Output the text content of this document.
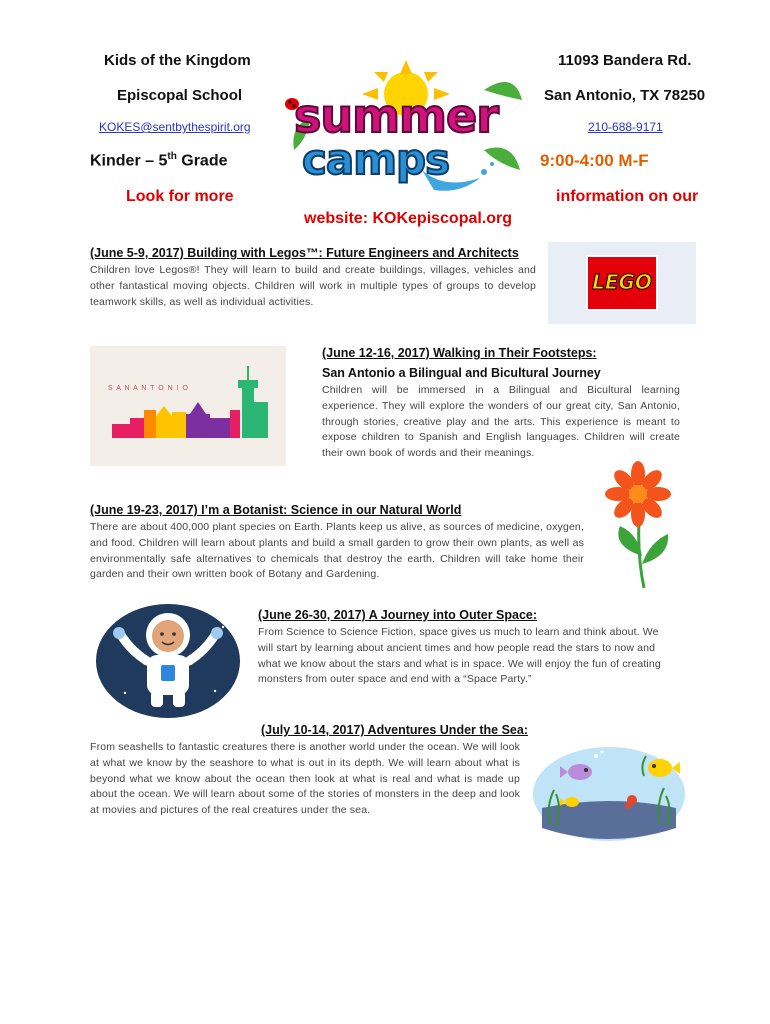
Kids of the Kingdom
Episcopal School
KOKES@sentbythespirit.org
Kinder – 5th Grade
Look for more
11093 Bandera Rd.
San Antonio, TX 78250
210-688-9171
9:00-4:00 M-F
information on our
website: KOKepiscopal.org
summer
camps
(June 5-9, 2017) Building with Legos™: Future Engineers and Architects
Children love Legos®! They will learn to build and create buildings, villages, vehicles and other fantastical moving objects. Children will work in multiple types of groups to develop teamwork skills, as well as individual activities.
LEGO
S A N A N T O N I O
(June 12-16, 2017) Walking in Their Footsteps:
San Antonio a Bilingual and Bicultural Journey
Children will be immersed in a Bilingual and Bicultural learning experience. They will explore the wonders of our great city, San Antonio, through stories, creative play and the arts. This experience is meant to expose children to Spanish and English languages. Children will create their own book of words and their meanings.
(June 19-23, 2017) I’m a Botanist: Science in our Natural World
There are about 400,000 plant species on Earth. Plants keep us alive, as sources of medicine, oxygen, and food. Children will learn about plants and build a small garden to grow their own plants, as well as environmentally safe alternatives to chemicals that destroy the earth. Children will take home their garden and their own written book of Botany and Gardening.
(June 26-30, 2017) A Journey into Outer Space:
From Science to Science Fiction, space gives us much to learn and think about. We will start by learning about ancient times and how people read the stars to now and what we know about the stars and what is in space. We will enjoy the fun of creating monsters from outer space and end with a “Space Party.”
(July 10-14, 2017) Adventures Under the Sea:
From seashells to fantastic creatures there is another world under the ocean. We will look at what we know by the seashore to what is out in its depth. We will learn about what is beyond what we know about the ocean then look at what is real and what is made up about the ocean. We will learn about some of the stories of monsters in the deep and look at movies and pictures of the real creatures under the sea.
